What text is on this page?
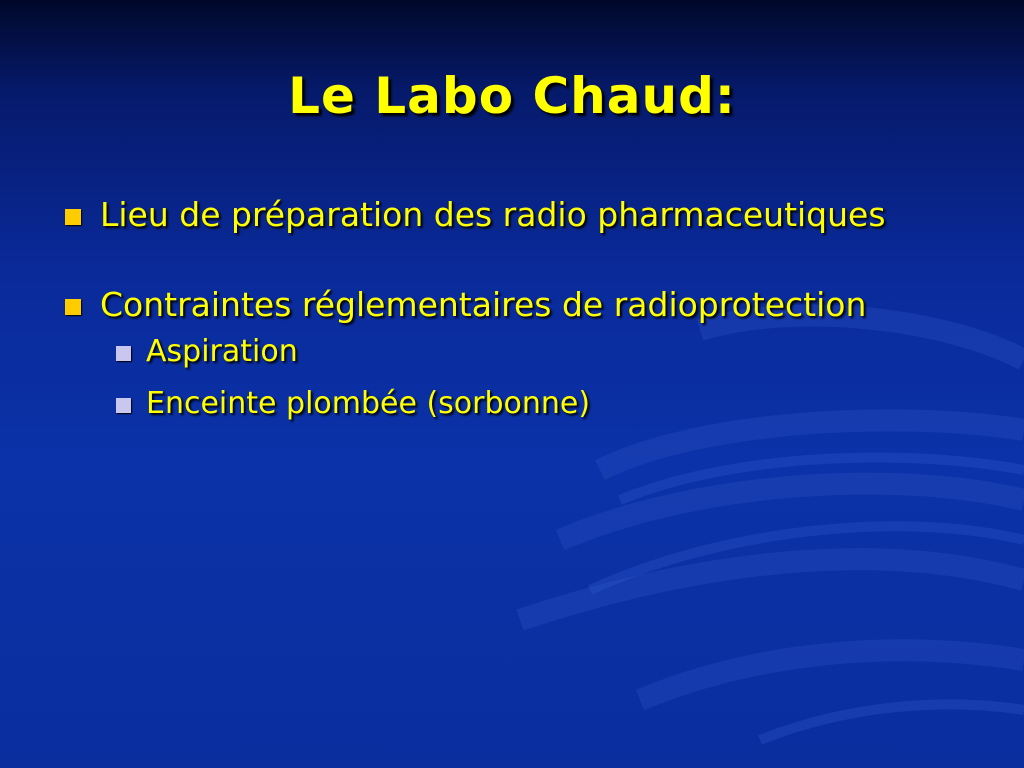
Le Labo Chaud:
Lieu de préparation des radio pharmaceutiques
Contraintes réglementaires de radioprotection
Aspiration
Enceinte plombée (sorbonne)
